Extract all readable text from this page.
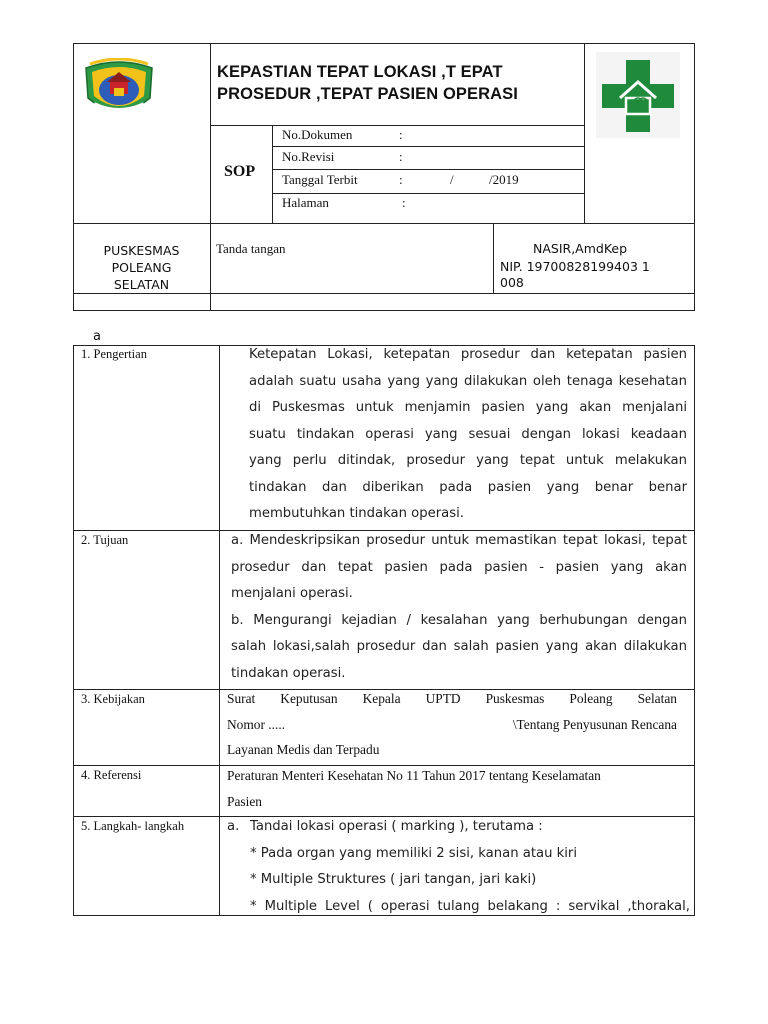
KEPASTIAN TEPAT LOKASI ,T EPAT
PROSEDUR ,TEPAT PASIEN OPERASI
SOP
No.Dokumen	:
No.Revisi	:
Tanggal Terbit	:	/	/2019
Halaman	:
PUSKESMAS
POLEANG
SELATAN
Tanda tangan	NASIR,AmdKep
NIP. 19700828199403 1
008
a
1. Pengertian	Ketepatan Lokasi, ketepatan prosedur dan ketepatan pasien
adalah suatu usaha yang yang dilakukan oleh tenaga kesehatan
di Puskesmas untuk menjamin pasien yang akan menjalani
suatu tindakan operasi yang sesuai dengan lokasi keadaan
yang perlu ditindak, prosedur yang tepat untuk melakukan
tindakan dan diberikan pada pasien yang benar benar
membutuhkan tindakan operasi.
2. Tujuan	a. Mendeskripsikan prosedur untuk memastikan tepat lokasi, tepat
prosedur dan tepat pasien pada pasien - pasien yang akan
menjalani operasi.
b. Mengurangi kejadian / kesalahan yang berhubungan dengan
salah lokasi,salah prosedur dan salah pasien yang akan dilakukan
tindakan operasi.
3. Kebijakan	Surat Keputusan Kepala UPTD Puskesmas Poleang Selatan
Nomor .....	\Tentang Penyusunan Rencana
Layanan Medis dan Terpadu
4. Referensi	Peraturan Menteri Kesehatan No 11 Tahun 2017 tentang Keselamatan
Pasien
5. Langkah- langkah	a. Tandai lokasi operasi ( marking ), terutama :
* Pada organ yang memiliki 2 sisi, kanan atau kiri
* Multiple Struktures ( jari tangan, jari kaki)
* Multiple Level ( operasi tulang belakang : servikal ,thorakal,
